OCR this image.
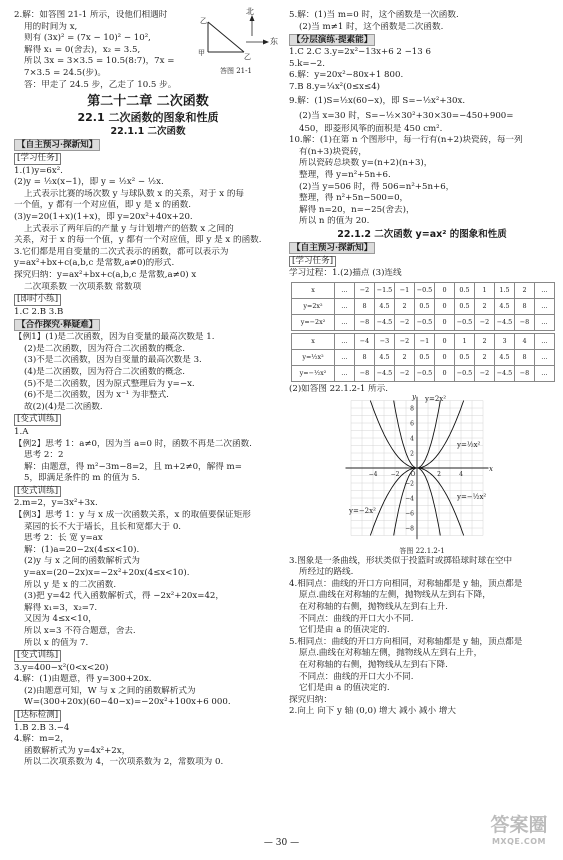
2.解：如答图 21-1 所示，设他们相遇时

用的时间为 x,

则有 (3x)² = (7x − 10)² − 10²,

解得 x₁ = 0(舍去)，x₂ = 3.5,

所以 3x = 3×3.5 = 10.5(8:7)，7x =

7×3.5 = 24.5(步)。

答：甲走了 24.5 步，乙走了 10.5 步。

北
东
甲	乙
乙
答图 21-1
第二十二章 二次函数
22.1 二次函数的图象和性质
22.1.1 二次函数
【自主预习·探新知】

[学习任务]

1.(1)y=6x².

(2)y = ½x(x−1)，即 y = ½x² − ½x.

上式表示比赛的场次数 y 与球队数 x 的关系，对于 x 的每

一个值，y 都有一个对应值，即 y 是 x 的函数.

(3)y=20(1+x)(1+x)，即 y=20x²+40x+20.

上式表示了两年后的产量 y 与计划增产的倍数 x 之间的

关系，对于 x 的每一个值，y 都有一个对应值，即 y 是 x 的函数.

3.它们都是用自变量的二次式表示的函数，都可以表示为

y=ax²+bx+c(a,b,c 是常数,a≠0)的形式.

探究归纳：y=ax²+bx+c(a,b,c 是常数,a≠0) x

二次项系数 一次项系数 常数项

[即时小练]

1.C 2.B 3.B

【合作探究·释疑难】

【例1】(1)是二次函数，因为自变量的最高次数是 1.

(2)是二次函数，因为符合二次函数的概念.

(3)不是二次函数，因为自变量的最高次数是 3.

(4)是二次函数，因为符合二次函数的概念.

(5)不是二次函数，因为原式整理后为 y=−x.

(6)不是二次函数，因为 x⁻¹ 为非整式.

故(2)(4)是二次函数.

[变式训练]

1.A

【例2】思考 1：a≠0，因为当 a=0 时，函数不再是二次函数.

思考 2：2

解：由题意，得 m²−3m−8=2，且 m+2≠0，解得 m=

5，即满足条件的 m 的值为 5.

[变式训练]

2.m=2，y=3x²+3x.

【例3】思考 1：y 与 x 成一次函数关系，x 的取值要保证矩形

菜园的长不大于墙长，且长和宽都大于 0.

思考 2：长 宽 y=ax

解：(1)a=20−2x(4≤x<10).

(2)y 与 x 之间的函数解析式为

y=ax=(20−2x)x=−2x²+20x(4≤x<10).

所以 y 是 x 的二次函数.

(3)把 y=42 代入函数解析式，得 −2x²+20x=42，

解得 x₁=3，x₂=7.

又因为 4≤x<10，

所以 x=3 不符合题意，舍去.

所以 x 的值为 7.

[变式训练]

3.y=400−x²(0<x<20)

4.解：(1)由题意，得 y=300+20x.

(2)由题意可知，W 与 x 之间的函数解析式为

W=(300+20x)(60−40−x)=−20x²+100x+6 000.

[达标检测]

1.B 2.B 3.−4

4.解：m=2，

函数解析式为 y=4x²+2x，

所以二次项系数为 4，一次项系数为 2，常数项为 0.

5.解：(1)当 m=0 时，这个函数是一次函数.

(2)当 m≠1 时，这个函数是二次函数.

【分层演练·提素能】

1.C 2.C 3.y=2x²−13x+6 2 −13 6

5.k=−2.

6.解：y=20x²−80x+1 800.

7.B 8.y=¼x²(0≤x≤4)

9.解：(1)S=½x(60−x)，即 S=−½x²+30x.

(2)当 x=30 时，S=−½×30²+30×30=−450+900=

450，即菱形风筝的面积是 450 cm².

10.解：(1)在第 n 个图形中，每一行有(n+2)块瓷砖，每一列

有(n+3)块瓷砖，

所以瓷砖总块数 y=(n+2)(n+3)，

整理，得 y=n²+5n+6.

(2)当 y=506 时，得 506=n²+5n+6，

整理，得 n²+5n−500=0，

解得 n=20，n=−25(舍去)，

所以 n 的值为 20.

22.1.2 二次函数 y=ax² 的图象和性质
【自主预习·探新知】

[学习任务]

学习过程：1.(2)描点 (3)连线

x	…	−2	−1.5	−1	−0.5	0	0.5	1	1.5	2	…
y=2x²	…	8	4.5	2	0.5	0	0.5	2	4.5	8	…
y=−2x²	…	−8	−4.5	−2	−0.5	0	−0.5	−2	−4.5	−8	…
x	…	−4	−3	−2	−1	0	1	2	3	4	…
y=½x²	…	8	4.5	2	0.5	0	0.5	2	4.5	8	…
y=−½x²	…	−8	−4.5	−2	−0.5	0	−0.5	−2	−4.5	−8	…

(2)如答图 22.1.2-1 所示.

8
6
4
2
−2
−4
−6
−8
−4 −2 O	2	4
y=2x²
y=½x²
y=−½x²
y=−2x²
y
x
答图 22.1.2-1

3.图象是一条曲线，形状类似于投篮时或掷铅球时球在空中

所经过的路线.

4.相同点：曲线的开口方向相同，对称轴都是 y 轴，顶点都是

原点.曲线在对称轴的左侧，抛物线从左到右下降，

在对称轴的右侧，抛物线从左到右上升.

不同点：曲线的开口大小不同.

它们是由 a 的值决定的.

5.相同点：曲线的开口方向相同，对称轴都是 y 轴，顶点都是

原点.曲线在对称轴左侧，抛物线从左到右上升，

在对称轴的右侧，抛物线从左到右下降.

不同点：曲线的开口大小不同.

它们是由 a 的值决定的.

探究归纳：

2.向上 向下 y 轴 (0,0) 增大 减小 减小 增大

— 30 —
答案圈
MXQE.COM
